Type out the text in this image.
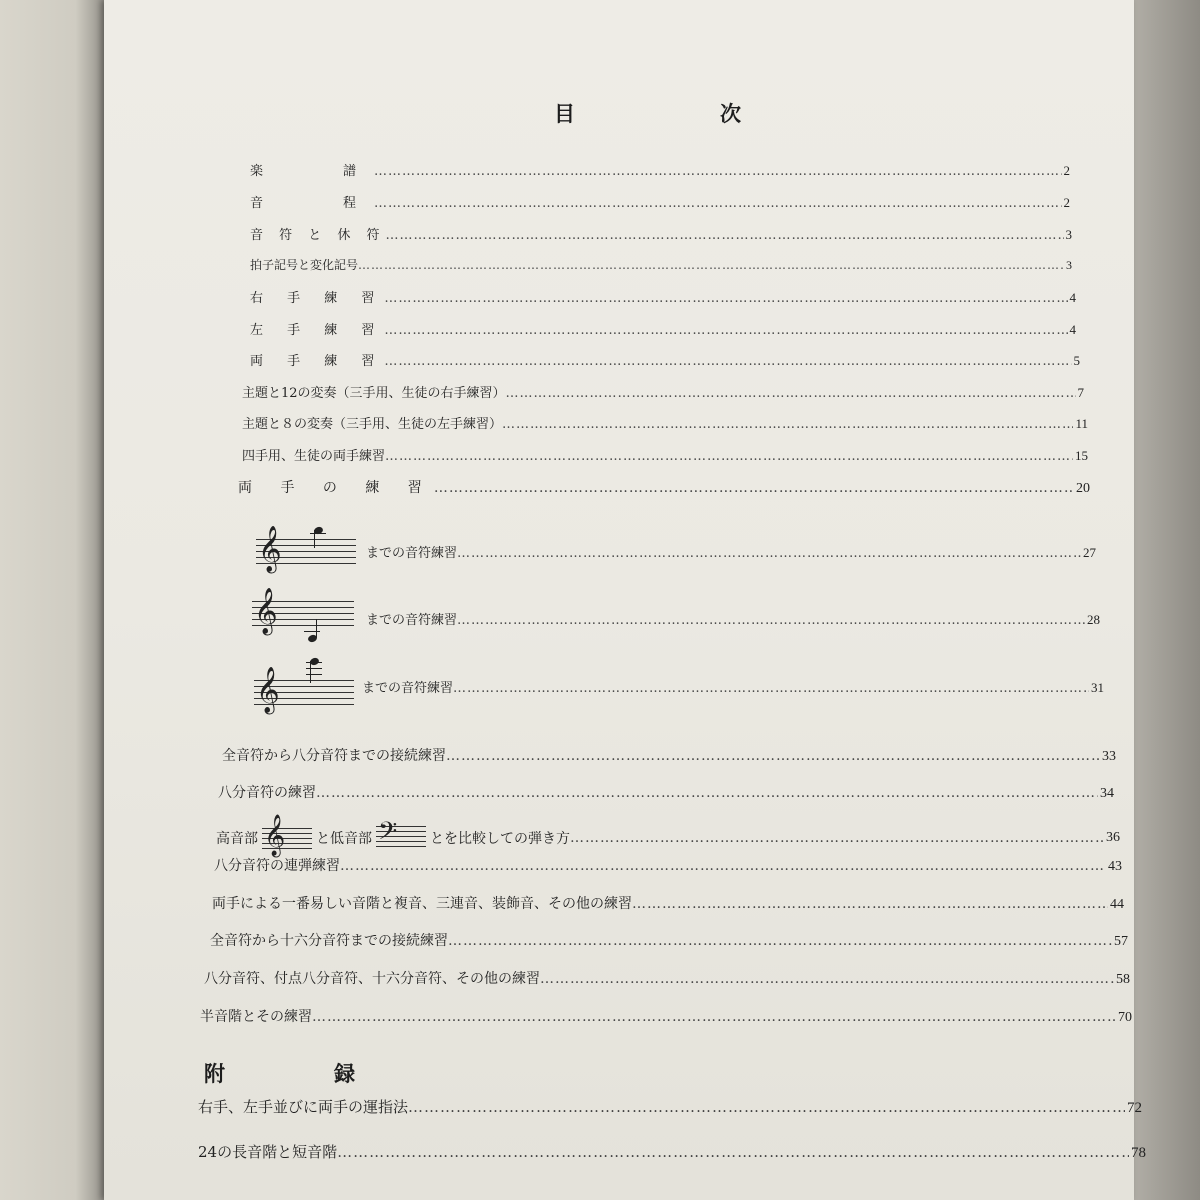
目　次
楽　　譜 …………………………………………………………………………………………………………………………………………………………………………………………………………………………………………………………………	2
音　　程 …………………………………………………………………………………………………………………………………………………………………………………………………………………………………………………………………	2
音 符 と 休 符 …………………………………………………………………………………………………………………………………………………………………………………………………………………………………………………………………	3
拍子記号と変化記号 …………………………………………………………………………………………………………………………………………………………………………………………………………………………………………………………………	3
右 手 練 習 …………………………………………………………………………………………………………………………………………………………………………………………………………………………………………………………………	4
左 手 練 習 …………………………………………………………………………………………………………………………………………………………………………………………………………………………………………………………………	4
両 手 練 習 …………………………………………………………………………………………………………………………………………………………………………………………………………………………………………………………………	5
主題と12の変奏（三手用、生徒の右手練習） …………………………………………………………………………………………………………………………………………………………………………………………………………………………………………………………………	7
主題と８の変奏（三手用、生徒の左手練習） …………………………………………………………………………………………………………………………………………………………………………………………………………………………………………………………………	11
四手用、生徒の両手練習 …………………………………………………………………………………………………………………………………………………………………………………………………………………………………………………………………	15
両 手 の 練 習 …………………………………………………………………………………………………………………………………………………………………………………………………………………………………………………………………	20
𝄞	までの音符練習 …………………………………………………………………………………………………………………………………………………………………………………………………………………………………………………………………	27
𝄞	までの音符練習 …………………………………………………………………………………………………………………………………………………………………………………………………………………………………………………………………	28
𝄞	までの音符練習 …………………………………………………………………………………………………………………………………………………………………………………………………………………………………………………………………	31
全音符から八分音符までの接続練習 …………………………………………………………………………………………………………………………………………………………………………………………………………………………………………………………………	33
八分音符の練習 …………………………………………………………………………………………………………………………………………………………………………………………………………………………………………………………………	34
高音部 𝄞 と低音部 𝄢 とを比較しての弾き方 …………………………………………………………………………………………………………………………………………………………………………………………………………………………………………………………………	36
八分音符の連弾練習 …………………………………………………………………………………………………………………………………………………………………………………………………………………………………………………………………	43
両手による一番易しい音階と複音、三連音、装飾音、その他の練習 …………………………………………………………………………………………………………………………………………………………………………………………………………………………………………………………………	44
全音符から十六分音符までの接続練習 …………………………………………………………………………………………………………………………………………………………………………………………………………………………………………………………………	57
八分音符、付点八分音符、十六分音符、その他の練習 …………………………………………………………………………………………………………………………………………………………………………………………………………………………………………………………………	58
半音階とその練習 …………………………………………………………………………………………………………………………………………………………………………………………………………………………………………………………………	70
附　録
右手、左手並びに両手の運指法 …………………………………………………………………………………………………………………………………………………………………………………………………………………………………………………………………	72
24の長音階と短音階 …………………………………………………………………………………………………………………………………………………………………………………………………………………………………………………………………	78
